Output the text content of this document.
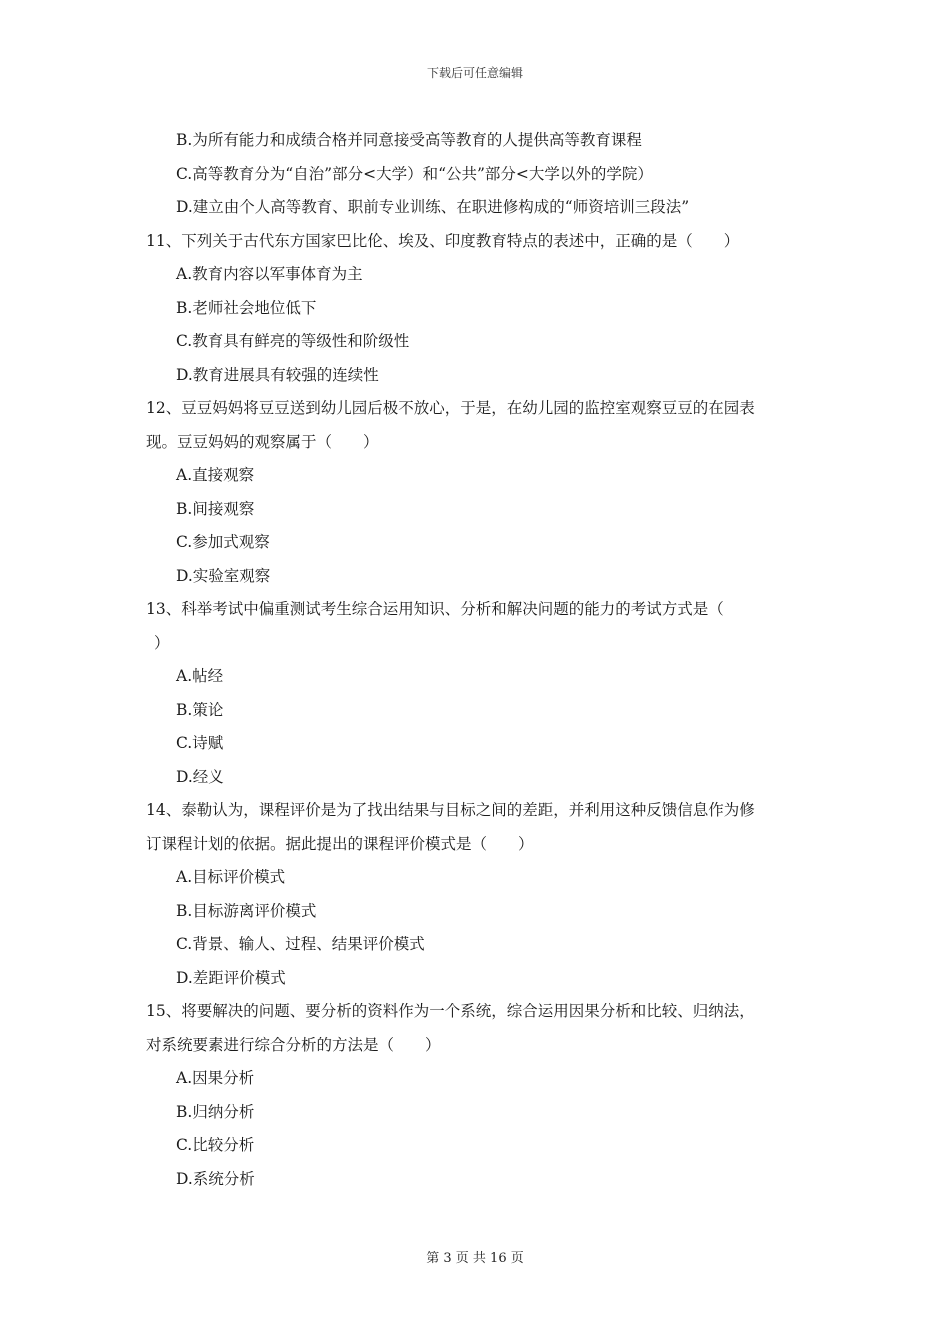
下载后可任意编辑
B.为所有能力和成绩合格并同意接受高等教育的人提供高等教育课程
C.高等教育分为“自治”部分<大学）和“公共”部分<大学以外的学院）
D.建立由个人高等教育、职前专业训练、在职进修构成的“师资培训三段法”
11、下列关于古代东方国家巴比伦、埃及、印度教育特点的表述中，正确的是（　　）
A.教育内容以军事体育为主
B.老师社会地位低下
C.教育具有鲜亮的等级性和阶级性
D.教育进展具有较强的连续性
12、豆豆妈妈将豆豆送到幼儿园后极不放心，于是，在幼儿园的监控室观察豆豆的在园表
现。豆豆妈妈的观察属于（　　）
A.直接观察
B.间接观察
C.参加式观察
D.实验室观察
13、科举考试中偏重测试考生综合运用知识、分析和解决问题的能力的考试方式是（
）
A.帖经
B.策论
C.诗赋
D.经义
14、泰勒认为，课程评价是为了找出结果与目标之间的差距，并利用这种反馈信息作为修
订课程计划的依据。据此提出的课程评价模式是（　　）
A.目标评价模式
B.目标游离评价模式
C.背景、输人、过程、结果评价模式
D.差距评价模式
15、将要解决的问题、要分析的资料作为一个系统，综合运用因果分析和比较、归纳法，
对系统要素进行综合分析的方法是（　　）
A.因果分析
B.归纳分析
C.比较分析
D.系统分析
第 3 页 共 16 页
